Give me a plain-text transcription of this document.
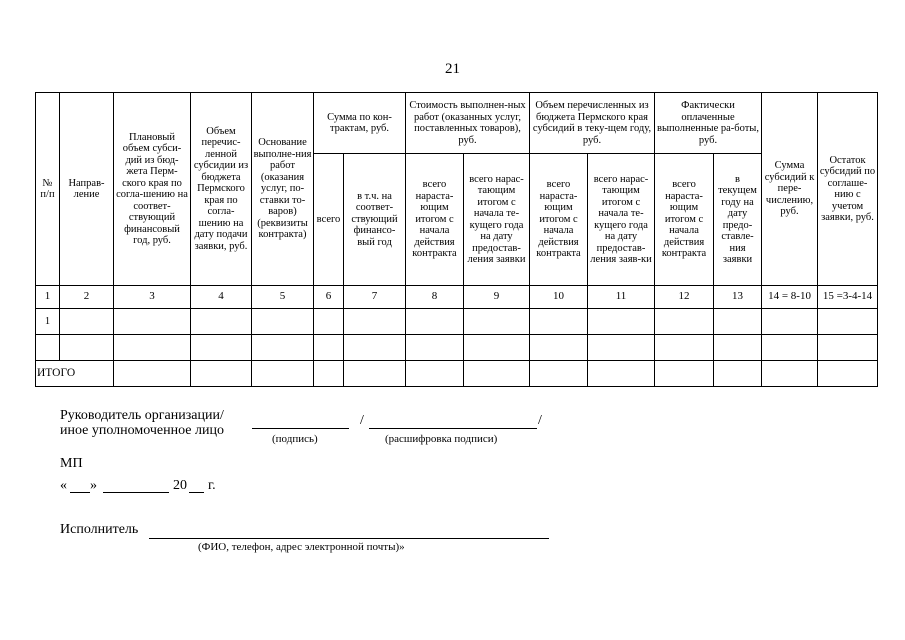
21
№ п/п	Направ-ление	Плановый объем субси-дий из бюд-жета Перм-ского края по согла-шению на соответ-ствующий финансовый год, руб.	Объем перечис-ленной субсидии из бюджета Пермского края по согла-шению на дату подачи заявки, руб.	Основание выполне-ния работ (оказания услуг, по-ставки то-варов) (реквизиты контракта)	Сумма по кон-трактам, руб.		Стоимость выполнен-ных работ (оказанных услуг, поставленных товаров), руб.		Объем перечисленных из бюджета Пермского края субсидий в теку-щем году, руб.		Фактически оплаченные выполненные ра-боты, руб.		Сумма субсидий к пере-числению, руб.	Остаток субсидий по соглаше-нию с учетом заявки, руб.
					всего	в т.ч. на соответ-ствующий финансо-вый год	всего нараста-ющим итогом с начала действия контракта	всего нарас-тающим итогом с начала те-кущего года на дату предостав-ления заявки	всего нараста-ющим итогом с начала действия контракта	всего нарас-тающим итогом с начала те-кущего года на дату предостав-ления заяв-ки	всего нараста-ющим итогом с начала действия контракта	в текущем году на дату предо-ставле-ния заявки		
1	2	3	4	5	6	7	8	9	10	11	12	13	14 = 8-10	15 =3-4-14
1														

ИТОГО														
Руководитель организации/
иное уполномоченное лицо
/	/
(подпись)	(расшифровка подписи)
МП
« »	20 г.
Исполнитель
(ФИО, телефон, адрес электронной почты)»
